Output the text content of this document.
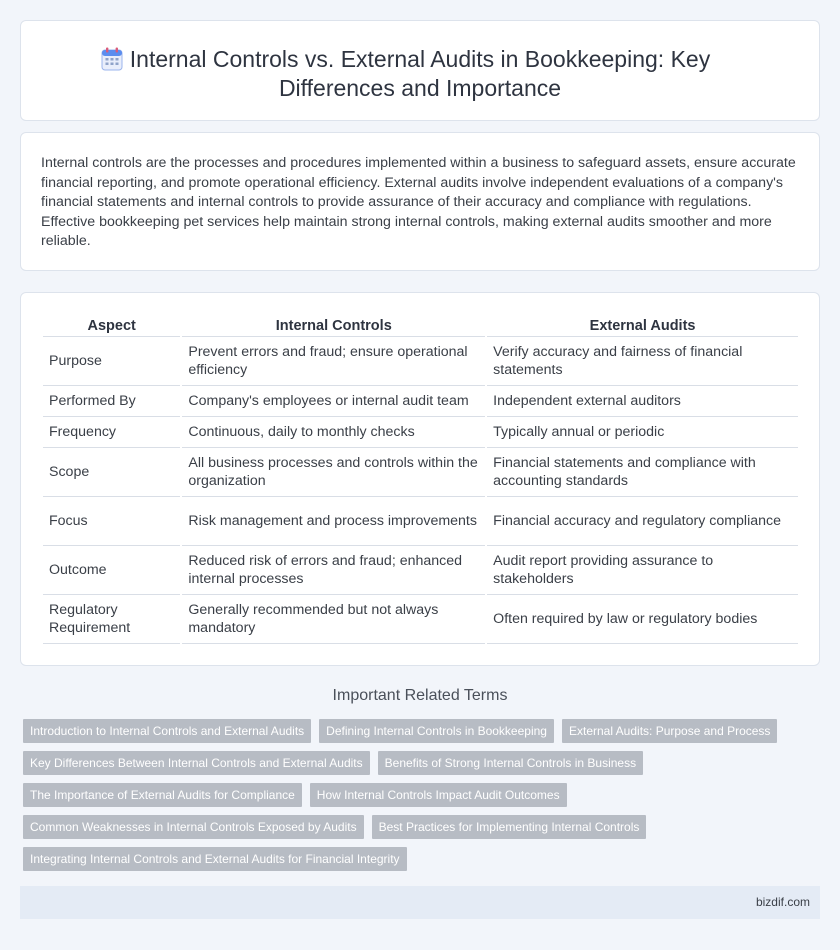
Internal Controls vs. External Audits in Bookkeeping: Key Differences and Importance

Internal controls are the processes and procedures implemented within a business to safeguard assets, ensure accurate financial reporting, and promote operational efficiency. External audits involve independent evaluations of a company's financial statements and internal controls to provide assurance of their accuracy and compliance with regulations. Effective bookkeeping pet services help maintain strong internal controls, making external audits smoother and more reliable.

Aspect	Internal Controls	External Audits
Purpose	Prevent errors and fraud; ensure operational efficiency	Verify accuracy and fairness of financial statements
Performed By	Company's employees or internal audit team	Independent external auditors
Frequency	Continuous, daily to monthly checks	Typically annual or periodic
Scope	All business processes and controls within the organization	Financial statements and compliance with accounting standards
Focus	Risk management and process improvements	Financial accuracy and regulatory compliance
Outcome	Reduced risk of errors and fraud; enhanced internal processes	Audit report providing assurance to stakeholders
Regulatory Requirement	Generally recommended but not always mandatory	Often required by law or regulatory bodies
Important Related Terms
Introduction to Internal Controls and External Audits	Defining Internal Controls in Bookkeeping	External Audits: Purpose and Process
Key Differences Between Internal Controls and External Audits	Benefits of Strong Internal Controls in Business
The Importance of External Audits for Compliance	How Internal Controls Impact Audit Outcomes
Common Weaknesses in Internal Controls Exposed by Audits	Best Practices for Implementing Internal Controls
Integrating Internal Controls and External Audits for Financial Integrity
bizdif.com
